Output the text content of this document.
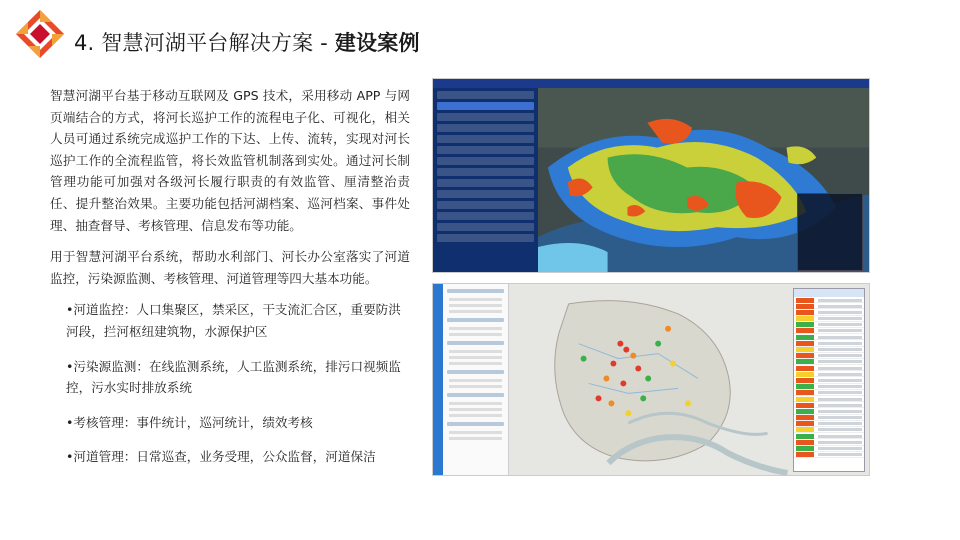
4. 智慧河湖平台解决方案 - 建设案例

智慧河湖平台基于移动互联网及 GPS 技术，采用移动 APP 与网页端结合的方式，将河长巡护工作的流程电子化、可视化，相关人员可通过系统完成巡护工作的下达、上传、流转，实现对河长巡护工作的全流程监管，将长效监管机制落到实处。通过河长制管理功能可加强对各级河长履行职责的有效监管、厘清整治责任、提升整治效果。主要功能包括河湖档案、巡河档案、事件处理、抽查督导、考核管理、信息发布等功能。

用于智慧河湖平台系统，帮助水利部门、河长办公室落实了河道监控，污染源监测、考核管理、河道管理等四大基本功能。

•河道监控：人口集聚区，禁采区，干支流汇合区，重要防洪河段，拦河枢纽建筑物，水源保护区
•污染源监测：在线监测系统，人工监测系统，排污口视频监控，污水实时排放系统
•考核管理：事件统计，巡河统计，绩效考核
•河道管理：日常巡查，业务受理，公众监督，河道保洁
